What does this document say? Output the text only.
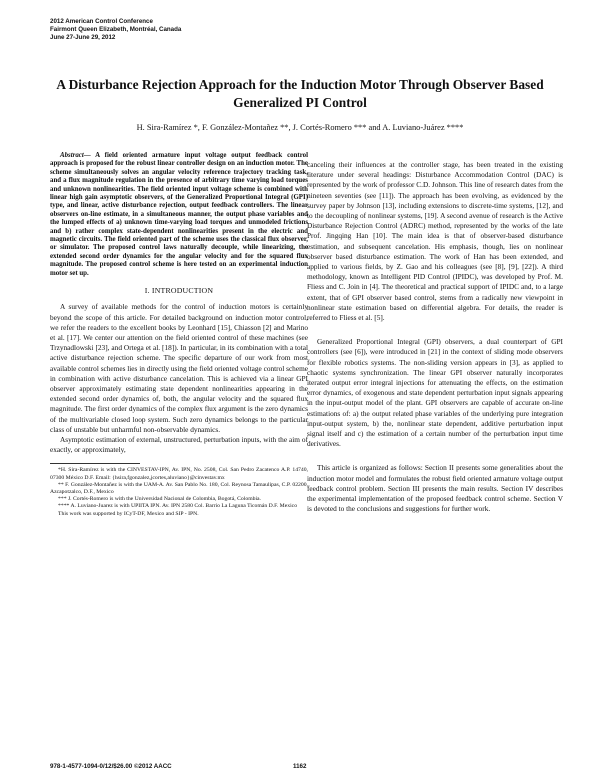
2012 American Control Conference
Fairmont Queen Elizabeth, Montréal, Canada
June 27-June 29, 2012
A Disturbance Rejection Approach for the Induction Motor Through Observer Based Generalized PI Control
H. Sira-Ramírez *, F. González-Montañez **, J. Cortés-Romero *** and A. Luviano-Juárez ****
Abstract— A field oriented armature input voltage output feedback control approach is proposed for the robust linear controller design on an induction motor. The scheme simultaneously solves an angular velocity reference trajectory tracking task, and a flux magnitude regulation in the presence of arbitrary time varying load torques and unknown nonlinearities. The field oriented input voltage scheme is combined with linear high gain asymptotic observers, of the Generalized Proportional Integral (GPI) type, and linear, active disturbance rejection, output feedback controllers. The linear observers on-line estimate, in a simultaneous manner, the output phase variables and the lumped effects of a) unknown time-varying load torques and unmodeled frictions and b) rather complex state-dependent nonlinearities present in the electric and magnetic circuits. The field oriented part of the scheme uses the classical flux observer, or simulator. The proposed control laws naturally decouple, while linearizing, the extended second order dynamics for the angular velocity and for the squared flux magnitude. The proposed control scheme is here tested on an experimental induction motor set up.
I. INTRODUCTION

A survey of available methods for the control of induction motors is certainly beyond the scope of this article. For detailed background on induction motor control, we refer the readers to the excellent books by Leonhard [15], Chiasson [2] and Marino et al. [17]. We center our attention on the field oriented control of these machines (see Trzynadlowski [23], and Ortega et al. [18]). In particular, in its combination with a total active disturbance rejection scheme. The specific departure of our work from most available control schemes lies in directly using the field oriented voltage control scheme in combination with active disturbance cancelation. This is achieved via a linear GPI observer approximately estimating state dependent nonlinearities appearing in the extended second order dynamics of, both, the angular velocity and the squared flux magnitude. The first order dynamics of the complex flux argument is the zero dynamics of the multivariable closed loop system. Such zero dynamics belongs to the particular class of unstable but unharmful non-observable dynamics.

Asymptotic estimation of external, unstructured, perturbation inputs, with the aim of exactly, or approximately,

*H. Sira-Ramírez is with the CINVESTAV-IPN, Av. IPN, No. 2508, Col. San Pedro Zacatenco A.P. 14740, 07300 México D.F. Email: {hsira,fgonzalez,jcortes,aluviano}@cinvestav.mx
** F. González-Montañez is with the UAM-A. Av. San Pablo No. 180, Col. Reynosa Tamaulipas, C.P. 02200, Azcapotzalco, D.F., Mexico
*** J. Cortés-Romero is with the Universidad Nacional de Colombia, Bogotá, Colombia.
**** A. Luviano-Juarez is with UPIITA IPN. Av. IPN 2580 Col. Barrio La Laguna Ticomán D.F. Mexico
This work was supported by ICyT-DF, Mexico and SIP - IPN.

canceling their influences at the controller stage, has been treated in the existing literature under several headings: Disturbance Accommodation Control (DAC) is represented by the work of professor C.D. Johnson. This line of research dates from the nineteen seventies (see [11]). The approach has been evolving, as evidenced by the survey paper by Johnson [13], including extensions to discrete-time systems, [12], and to the decoupling of nonlinear systems, [19]. A second avenue of research is the Active Disturbance Rejection Control (ADRC) method, represented by the works of the late Prof. Jingqing Han [10]. The main idea is that of observer-based disturbance estimation, and subsequent cancelation. His emphasis, though, lies on nonlinear observer based disturbance estimation. The work of Han has been extended, and applied to various fields, by Z. Gao and his colleagues (see [8], [9], [22]). A third methodology, known as Intelligent PID Control (IPIDC), was developed by Prof. M. Fliess and C. Join in [4]. The theoretical and practical support of IPIDC and, to a large extent, that of GPI observer based control, stems from a radically new viewpoint in nonlinear state estimation based on differential algebra. For details, the reader is referred to Fliess et al. [5].

Generalized Proportional Integral (GPI) observers, a dual counterpart of GPI controllers (see [6]), were introduced in [21] in the context of sliding mode observers for flexible robotics systems. The non-sliding version appears in [3], as applied to chaotic systems synchronization. The linear GPI observer naturally incorporates iterated output error integral injections for attenuating the effects, on the estimation error dynamics, of exogenous and state dependent perturbation input signals appearing in the input-output model of the plant. GPI observers are capable of accurate on-line estimations of: a) the output related phase variables of the underlying pure integration input-output system, b) the, nonlinear state dependent, additive perturbation input signal itself and c) the estimation of a certain number of the perturbation input time derivatives.

This article is organized as follows: Section II presents some generalities about the induction motor model and formulates the robust field oriented armature voltage output feedback control problem. Section III presents the main results. Section IV describes the experimental implementation of the proposed feedback control scheme. Section V is devoted to the conclusions and suggestions for further work.

978-1-4577-1094-0/12/$26.00 ©2012 AACC	1162
